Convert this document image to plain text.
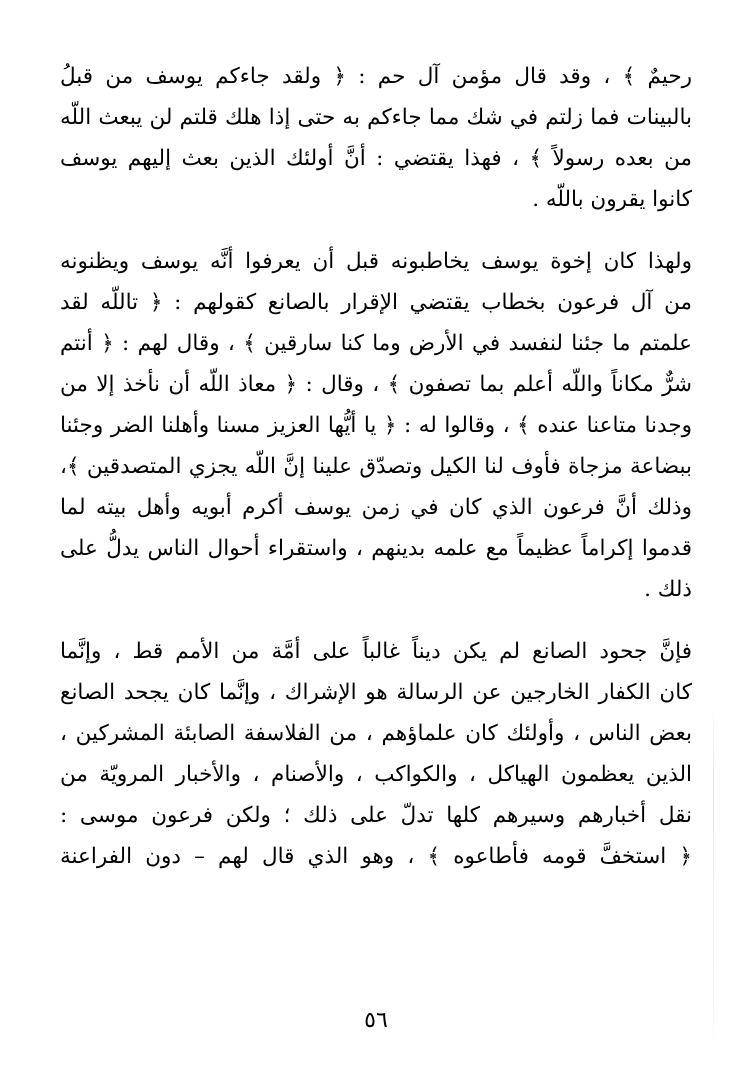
رحيمٌ ﴾ ، وقد قال مؤمن آل حم : ﴿ ولقد جاءكم يوسف من قبلُ
بالبينات فما زلتم في شك مما جاءكم به حتى إذا هلك قلتم لن يبعث اللّه
من بعده رسولاً ﴾ ، فهذا يقتضي : أنَّ أولئك الذين بعث إليهم يوسف
كانوا يقرون باللّه .
ولهذا كان إخوة يوسف يخاطبونه قبل أن يعرفوا أنَّه يوسف ويظنونه
من آل فرعون بخطاب يقتضي الإقرار بالصانع كقولهم : ﴿ تاللّه لقد
علمتم ما جئنا لنفسد في الأرض وما كنا سارقين ﴾ ، وقال لهم : ﴿ أنتم
شرٌّ مكاناً واللّه أعلم بما تصفون ﴾ ، وقال : ﴿ معاذ اللّه أن نأخذ إلا من
وجدنا متاعنا عنده ﴾ ، وقالوا له : ﴿ يا أيُّها العزيز مسنا وأهلنا الضر وجئنا
ببضاعة مزجاة فأوف لنا الكيل وتصدّق علينا إنَّ اللّه يجزي المتصدقين ﴾،
وذلك أنَّ فرعون الذي كان في زمن يوسف أكرم أبويه وأهل بيته لما
قدموا إكراماً عظيماً مع علمه بدينهم ، واستقراء أحوال الناس يدلُّ على
ذلك .
فإنَّ جحود الصانع لم يكن ديناً غالباً على أمَّة من الأمم قط ، وإنَّما
كان الكفار الخارجين عن الرسالة هو الإشراك ، وإنَّما كان يجحد الصانع
بعض الناس ، وأولئك كان علماؤهم ، من الفلاسفة الصابئة المشركين ،
الذين يعظمون الهياكل ، والكواكب ، والأصنام ، والأخبار المرويّة من
نقل أخبارهم وسيرهم كلها تدلّ على ذلك ؛ ولكن فرعون موسى :
﴿ استخفَّ قومه فأطاعوه ﴾ ، وهو الذي قال لهم – دون الفراعنة
٥٦
